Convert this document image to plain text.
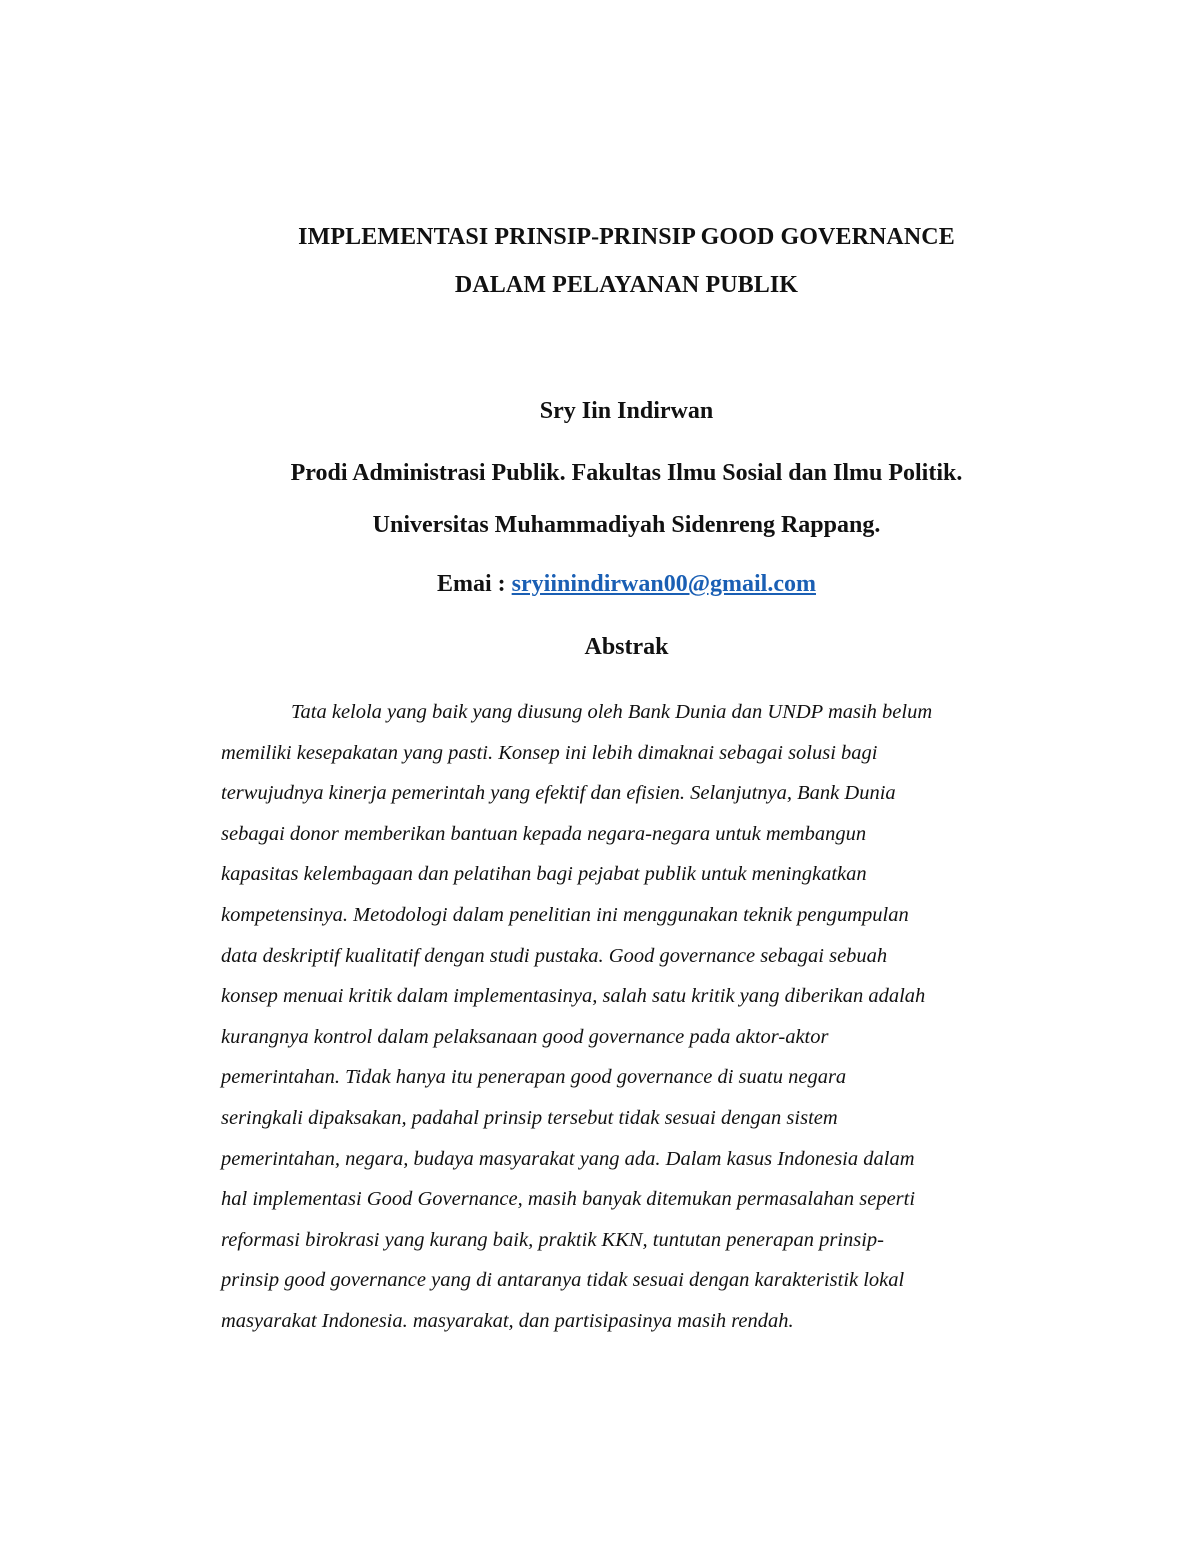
IMPLEMENTASI PRINSIP-PRINSIP GOOD GOVERNANCE
DALAM PELAYANAN PUBLIK
Sry Iin Indirwan
Prodi Administrasi Publik. Fakultas Ilmu Sosial dan Ilmu Politik.
Universitas Muhammadiyah Sidenreng Rappang.
Emai : sryiinindirwan00@gmail.com
Abstrak
Tata kelola yang baik yang diusung oleh Bank Dunia dan UNDP masih belum
memiliki kesepakatan yang pasti. Konsep ini lebih dimaknai sebagai solusi bagi
terwujudnya kinerja pemerintah yang efektif dan efisien. Selanjutnya, Bank Dunia
sebagai donor memberikan bantuan kepada negara-negara untuk membangun
kapasitas kelembagaan dan pelatihan bagi pejabat publik untuk meningkatkan
kompetensinya. Metodologi dalam penelitian ini menggunakan teknik pengumpulan
data deskriptif kualitatif dengan studi pustaka. Good governance sebagai sebuah
konsep menuai kritik dalam implementasinya, salah satu kritik yang diberikan adalah
kurangnya kontrol dalam pelaksanaan good governance pada aktor-aktor
pemerintahan. Tidak hanya itu penerapan good governance di suatu negara
seringkali dipaksakan, padahal prinsip tersebut tidak sesuai dengan sistem
pemerintahan, negara, budaya masyarakat yang ada. Dalam kasus Indonesia dalam
hal implementasi Good Governance, masih banyak ditemukan permasalahan seperti
reformasi birokrasi yang kurang baik, praktik KKN, tuntutan penerapan prinsip-
prinsip good governance yang di antaranya tidak sesuai dengan karakteristik lokal
masyarakat Indonesia. masyarakat, dan partisipasinya masih rendah.
